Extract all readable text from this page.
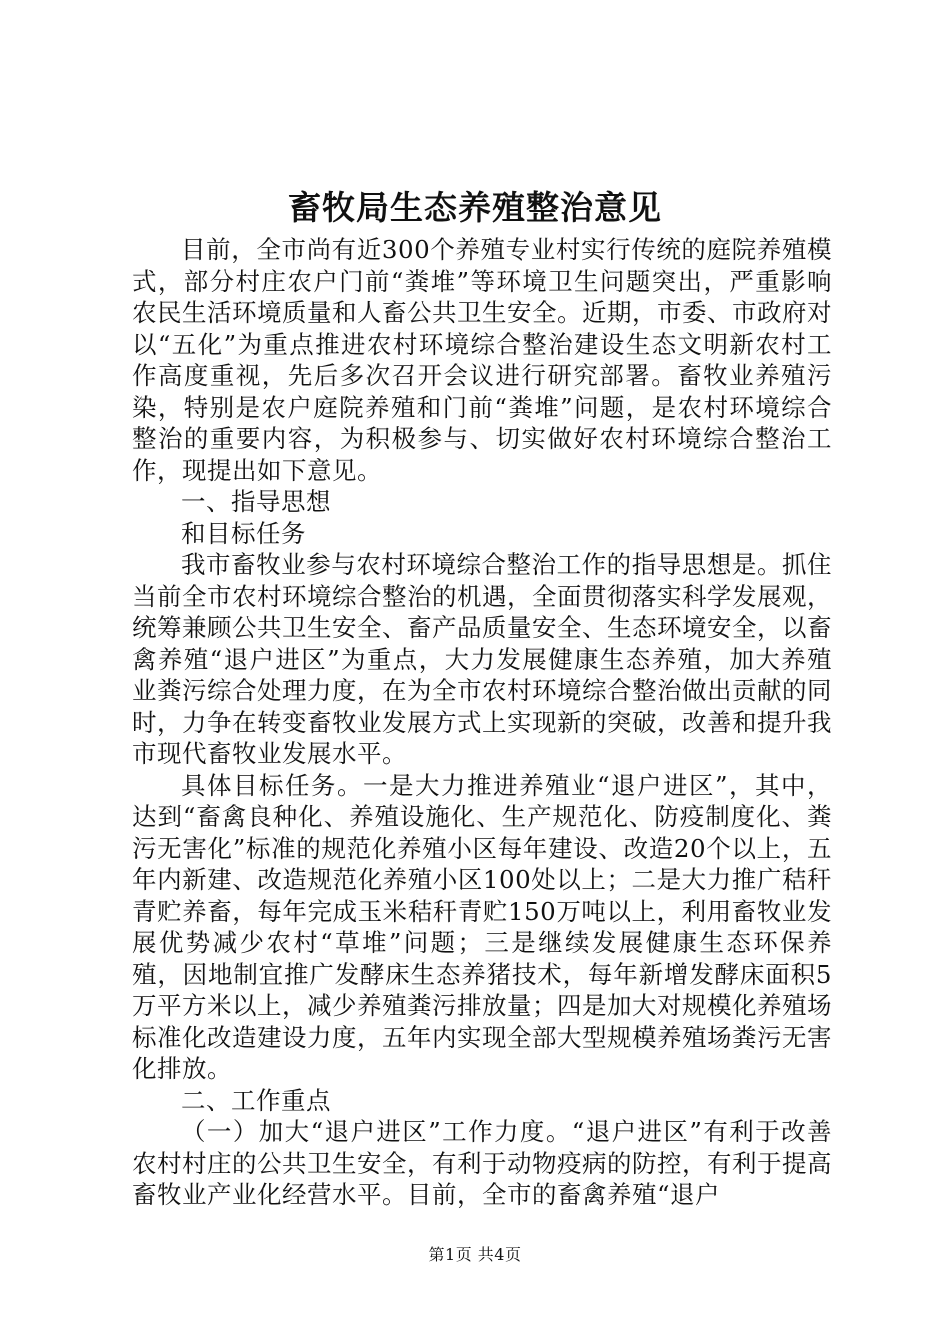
畜牧局生态养殖整治意见

目前，全市尚有近300个养殖专业村实行传统的庭院养殖模式，部分村庄农户门前“粪堆”等环境卫生问题突出，严重影响农民生活环境质量和人畜公共卫生安全。近期，市委、市政府对以“五化”为重点推进农村环境综合整治建设生态文明新农村工作高度重视，先后多次召开会议进行研究部署。畜牧业养殖污染，特别是农户庭院养殖和门前“粪堆”问题，是农村环境综合整治的重要内容，为积极参与、切实做好农村环境综合整治工作，现提出如下意见。

一、指导思想

和目标任务

我市畜牧业参与农村环境综合整治工作的指导思想是。抓住当前全市农村环境综合整治的机遇，全面贯彻落实科学发展观，统筹兼顾公共卫生安全、畜产品质量安全、生态环境安全，以畜禽养殖“退户进区”为重点，大力发展健康生态养殖，加大养殖业粪污综合处理力度，在为全市农村环境综合整治做出贡献的同时，力争在转变畜牧业发展方式上实现新的突破，改善和提升我市现代畜牧业发展水平。

具体目标任务。一是大力推进养殖业“退户进区”，其中，达到“畜禽良种化、养殖设施化、生产规范化、防疫制度化、粪污无害化”标准的规范化养殖小区每年建设、改造20个以上，五年内新建、改造规范化养殖小区100处以上；二是大力推广秸秆青贮养畜，每年完成玉米秸秆青贮150万吨以上，利用畜牧业发展优势减少农村“草堆”问题；三是继续发展健康生态环保养殖，因地制宜推广发酵床生态养猪技术，每年新增发酵床面积5万平方米以上，减少养殖粪污排放量；四是加大对规模化养殖场标准化改造建设力度，五年内实现全部大型规模养殖场粪污无害化排放。

二、工作重点

（一）加大“退户进区”工作力度。“退户进区”有利于改善农村村庄的公共卫生安全，有利于动物疫病的防控，有利于提高畜牧业产业化经营水平。目前，全市的畜禽养殖“退户

第1页 共4页
